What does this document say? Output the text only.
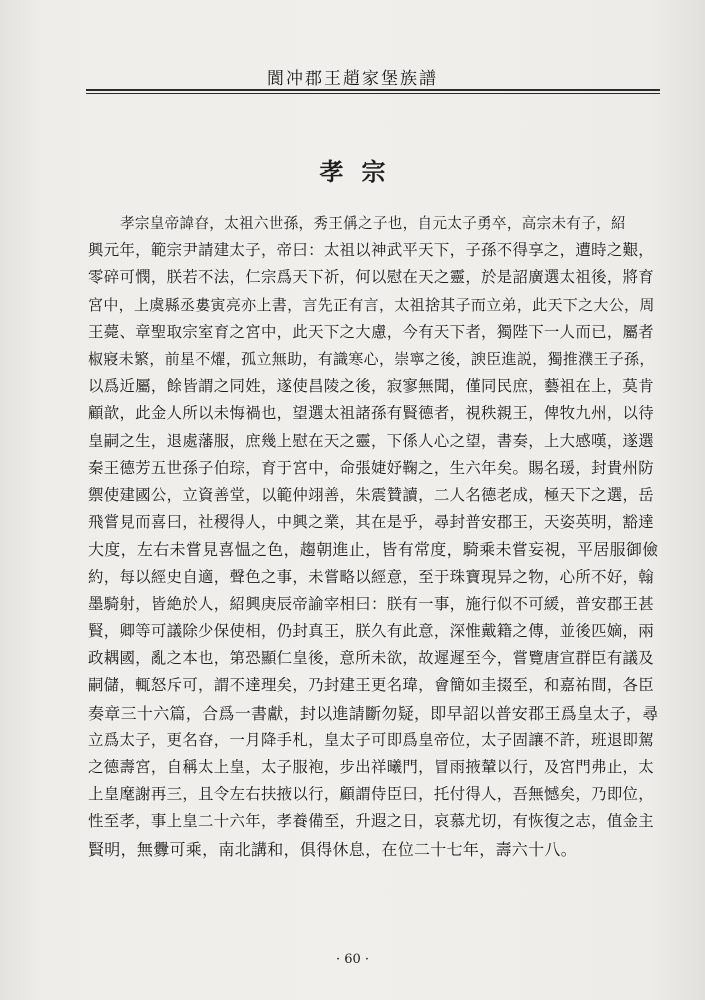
閬冲郡王趙家堡族譜
孝宗
孝宗皇帝諱昚，太祖六世孫，秀王偁之子也，自元太子勇卒，高宗未有子，紹
興元年，範宗尹請建太子，帝曰：太祖以神武平天下，子孫不得享之，遭時之艱，
零碎可憫，朕若不法，仁宗爲天下祈，何以慰在天之靈，於是詔廣選太祖後，將育
宮中，上虞縣丞婁寅亮亦上書，言先正有言，太祖捨其子而立弟，此天下之大公，周
王薨、章聖取宗室育之宮中，此天下之大慮，今有天下者，獨陛下一人而已，屬者
椒寢未繁，前星不燿，孤立無助，有識寒心，崇寧之後，諛臣進説，獨推濮王子孫，
以爲近屬，餘皆謂之同姓，遂使昌陵之後，寂寥無聞，僅同民庶，藝祖在上，莫肯
顧歆，此金人所以未悔禍也，望選太祖諸孫有賢德者，視秩親王，俾牧九州，以待
皇嗣之生，退處藩服，庶幾上慰在天之靈，下係人心之望，書奏，上大感嘆，遂選
秦王德芳五世孫子伯琮，育于宮中，命張婕妤鞠之，生六年矣。賜名瑗，封貴州防
禦使建國公，立資善堂，以範仲翊善，朱震贊讀，二人名德老成，極天下之選，岳
飛嘗見而喜曰，社稷得人，中興之業，其在是乎，尋封普安郡王，天姿英明，豁達
大度，左右未嘗見喜愠之色，趨朝進止，皆有常度，騎乘未嘗妄視，平居服御儉
約，每以經史自適，聲色之事，未嘗略以經意，至于珠寶現异之物，心所不好，翰
墨騎射，皆絶於人，紹興庚辰帝諭宰相曰：朕有一事，施行似不可緩，普安郡王甚
賢，卿等可議除少保使相，仍封真王，朕久有此意，深惟戴籍之傳，並後匹嫡，兩
政耦國，亂之本也，第恐顯仁皇後，意所未欲，故遲遲至今，嘗覽唐宣群臣有議及
嗣儲，輒怒斥可，謂不達理矣，乃封建王更名瑋，會簡如圭掇至，和嘉祐間，各臣
奏章三十六篇，合爲一書獻，封以進請斷勿疑，即早詔以普安郡王爲皇太子，尋
立爲太子，更名昚，一月降手札，皇太子可即爲皇帝位，太子固讓不許，班退即駕
之德壽宮，自稱太上皇，太子服袍，步出祥曦門，冒雨掖輦以行，及宮門弗止，太
上皇麾謝再三，且令左右扶掖以行，顧謂侍臣曰，托付得人，吾無憾矣，乃即位，
性至孝，事上皇二十六年，孝養備至，升遐之日，哀慕尤切，有恢復之志，值金主
賢明，無釁可乘，南北講和，俱得休息，在位二十七年，壽六十八。
· 60 ·
